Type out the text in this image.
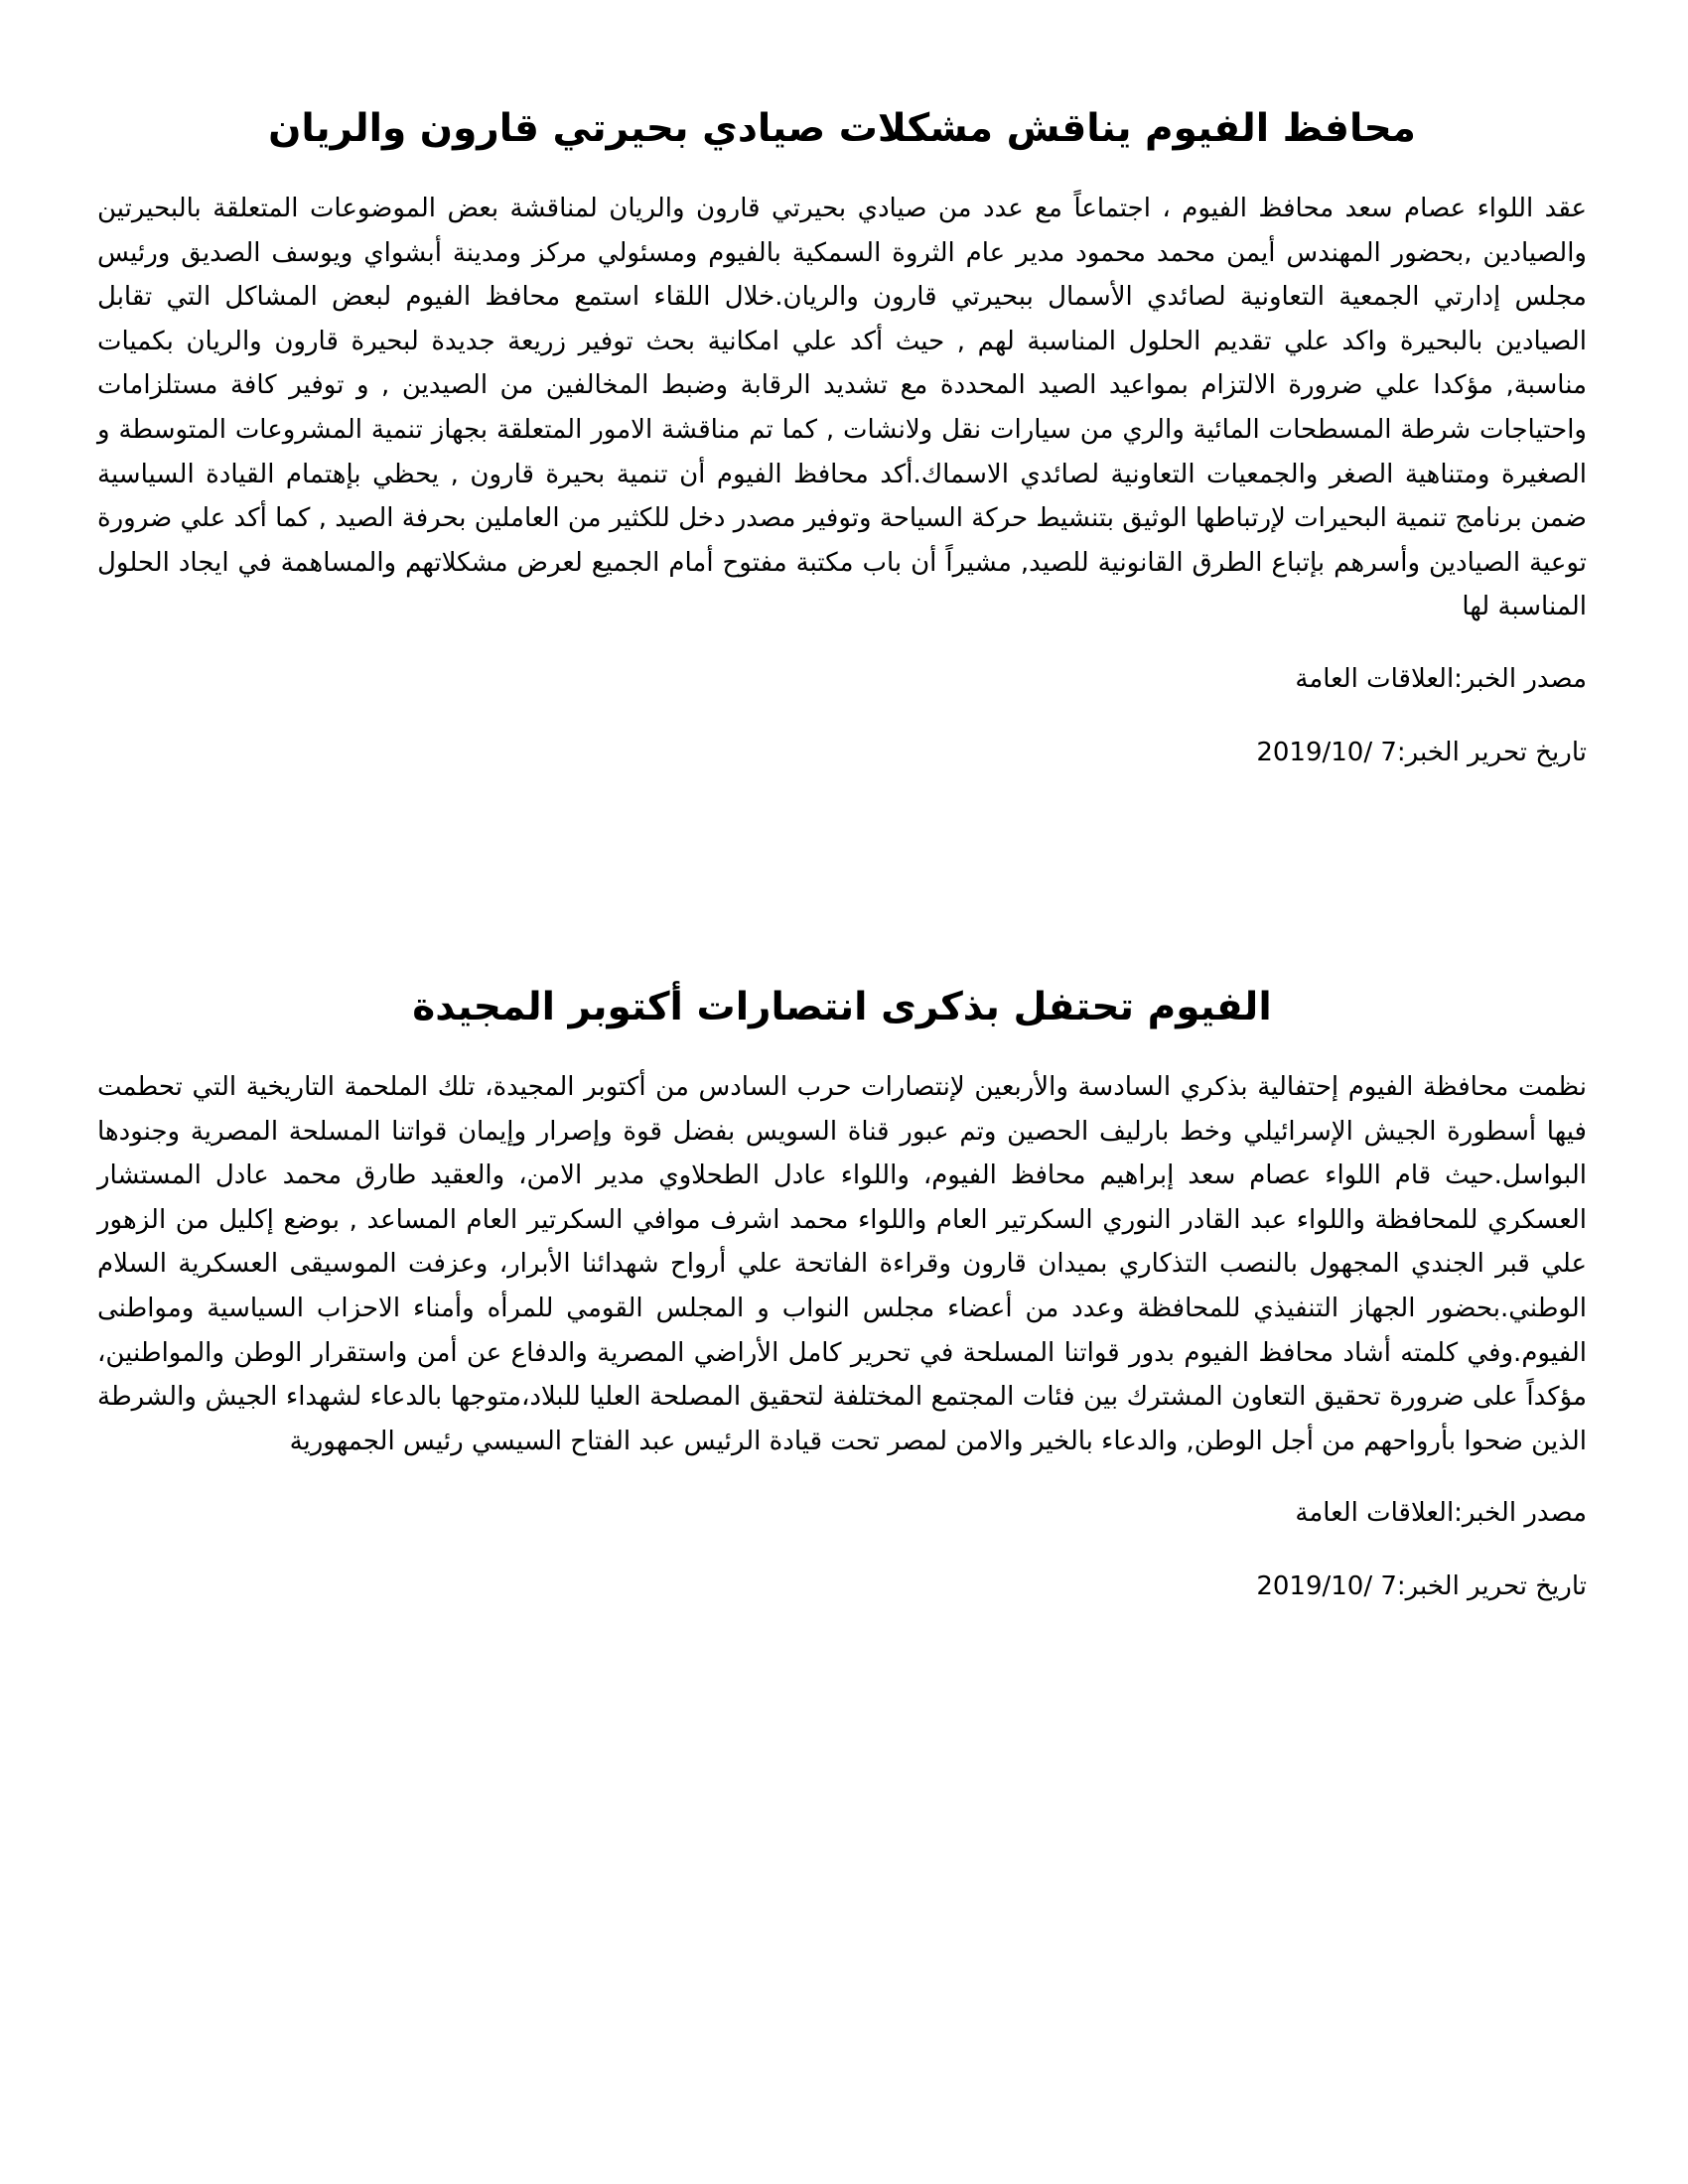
محافظ الفيوم يناقش مشكلات صيادي بحيرتي قارون والريان

عقد اللواء عصام سعد محافظ الفيوم ، اجتماعاً مع عدد من صيادي بحيرتي قارون والريان لمناقشة بعض الموضوعات المتعلقة بالبحيرتين والصيادين ,بحضور المهندس أيمن محمد محمود مدير عام الثروة السمكية بالفيوم ومسئولي مركز ومدينة أبشواي ويوسف الصديق ورئيس مجلس إدارتي الجمعية التعاونية لصائدي الأسمال ببحيرتي قارون والريان.خلال اللقاء استمع محافظ الفيوم لبعض المشاكل التي تقابل الصيادين بالبحيرة واكد علي تقديم الحلول المناسبة لهم , حيث أكد علي امكانية بحث توفير زريعة جديدة لبحيرة قارون والريان بكميات مناسبة, مؤكدا علي ضرورة الالتزام بمواعيد الصيد المحددة مع تشديد الرقابة وضبط المخالفين من الصيدين , و توفير كافة مستلزامات واحتياجات شرطة المسطحات المائية والري من سيارات نقل ولانشات , كما تم مناقشة الامور المتعلقة بجهاز تنمية المشروعات المتوسطة و الصغيرة ومتناهية الصغر والجمعيات التعاونية لصائدي الاسماك.أكد محافظ الفيوم أن تنمية بحيرة قارون , يحظي بإهتمام القيادة السياسية ضمن برنامج تنمية البحيرات لإرتباطها الوثيق بتنشيط حركة السياحة وتوفير مصدر دخل للكثير من العاملين بحرفة الصيد , كما أكد علي ضرورة توعية الصيادين وأسرهم بإتباع الطرق القانونية للصيد, مشيراً أن باب مكتبة مفتوح أمام الجميع لعرض مشكلاتهم والمساهمة في ايجاد الحلول المناسبة لها

مصدر الخبر:العلاقات العامة

تاريخ تحرير الخبر:7 /2019/10

الفيوم تحتفل بذكرى انتصارات أكتوبر المجيدة

نظمت محافظة الفيوم إحتفالية بذكري السادسة والأربعين لإنتصارات حرب السادس من أكتوبر المجيدة، تلك الملحمة التاريخية التي تحطمت فيها أسطورة الجيش الإسرائيلي وخط بارليف الحصين وتم عبور قناة السويس بفضل قوة وإصرار وإيمان قواتنا المسلحة المصرية وجنودها البواسل.حيث قام اللواء عصام سعد إبراهيم محافظ الفيوم، واللواء عادل الطحلاوي مدير الامن، والعقيد طارق محمد عادل المستشار العسكري للمحافظة واللواء عبد القادر النوري السكرتير العام واللواء محمد اشرف موافي السكرتير العام المساعد , بوضع إكليل من الزهور علي قبر الجندي المجهول بالنصب التذكاري بميدان قارون وقراءة الفاتحة علي أرواح شهدائنا الأبرار، وعزفت الموسيقى العسكرية السلام الوطني.بحضور الجهاز التنفيذي للمحافظة وعدد من أعضاء مجلس النواب و المجلس القومي للمرأه وأمناء الاحزاب السياسية ومواطنى الفيوم.وفي كلمته أشاد محافظ الفيوم بدور قواتنا المسلحة في تحرير كامل الأراضي المصرية والدفاع عن أمن واستقرار الوطن والمواطنين، مؤكداً على ضرورة تحقيق التعاون المشترك بين فئات المجتمع المختلفة لتحقيق المصلحة العليا للبلاد،متوجها بالدعاء لشهداء الجيش والشرطة الذين ضحوا بأرواحهم من أجل الوطن, والدعاء بالخير والامن لمصر تحت قيادة الرئيس عبد الفتاح السيسي رئيس الجمهورية

مصدر الخبر:العلاقات العامة

تاريخ تحرير الخبر:7 /2019/10
